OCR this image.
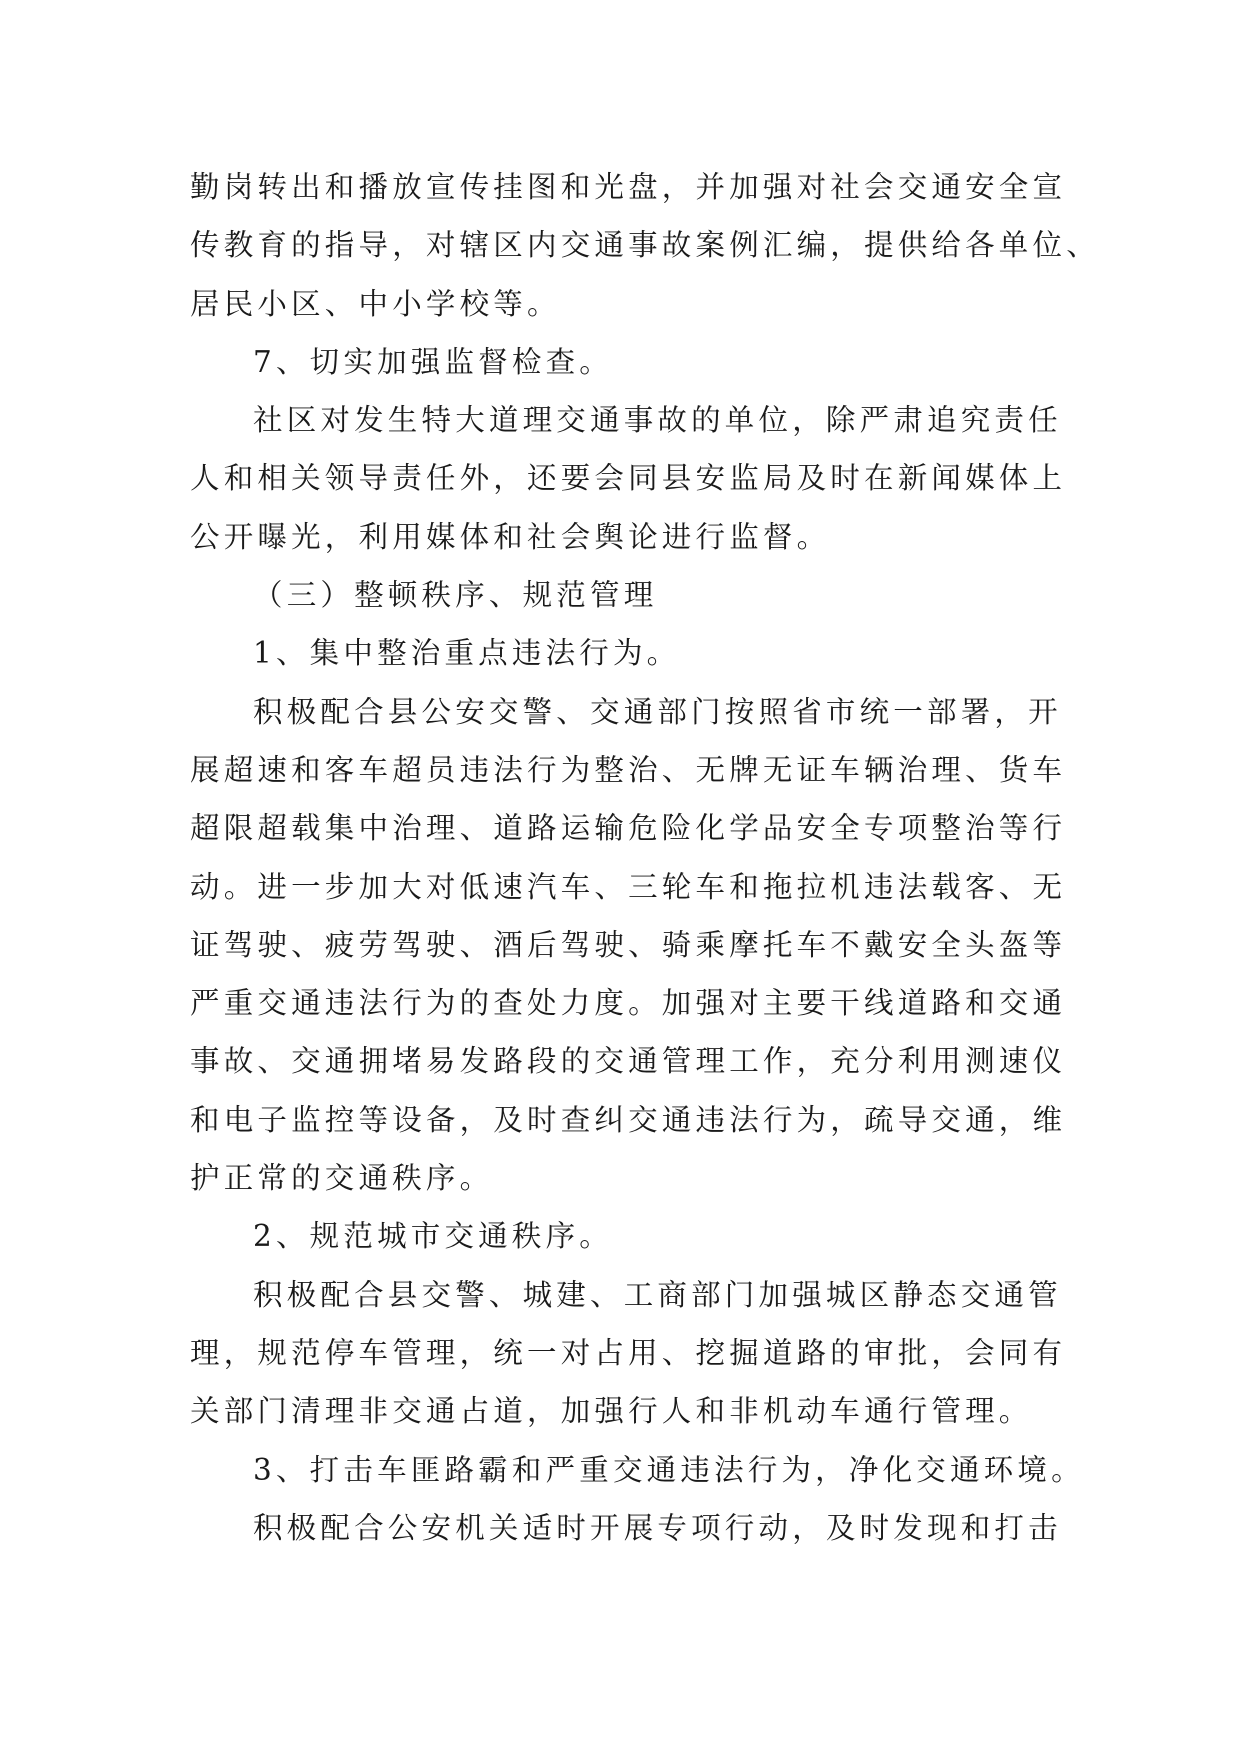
勤岗转出和播放宣传挂图和光盘，并加强对社会交通安全宣
传教育的指导，对辖区内交通事故案例汇编，提供给各单位、
居民小区、中小学校等。
7、切实加强监督检查。
社区对发生特大道理交通事故的单位，除严肃追究责任
人和相关领导责任外，还要会同县安监局及时在新闻媒体上
公开曝光，利用媒体和社会舆论进行监督。
（三）整顿秩序、规范管理
1、集中整治重点违法行为。
积极配合县公安交警、交通部门按照省市统一部署，开
展超速和客车超员违法行为整治、无牌无证车辆治理、货车
超限超载集中治理、道路运输危险化学品安全专项整治等行
动。进一步加大对低速汽车、三轮车和拖拉机违法载客、无
证驾驶、疲劳驾驶、酒后驾驶、骑乘摩托车不戴安全头盔等
严重交通违法行为的查处力度。加强对主要干线道路和交通
事故、交通拥堵易发路段的交通管理工作，充分利用测速仪
和电子监控等设备，及时查纠交通违法行为，疏导交通，维
护正常的交通秩序。
2、规范城市交通秩序。
积极配合县交警、城建、工商部门加强城区静态交通管
理，规范停车管理，统一对占用、挖掘道路的审批，会同有
关部门清理非交通占道，加强行人和非机动车通行管理。
3、打击车匪路霸和严重交通违法行为，净化交通环境。
积极配合公安机关适时开展专项行动，及时发现和打击
